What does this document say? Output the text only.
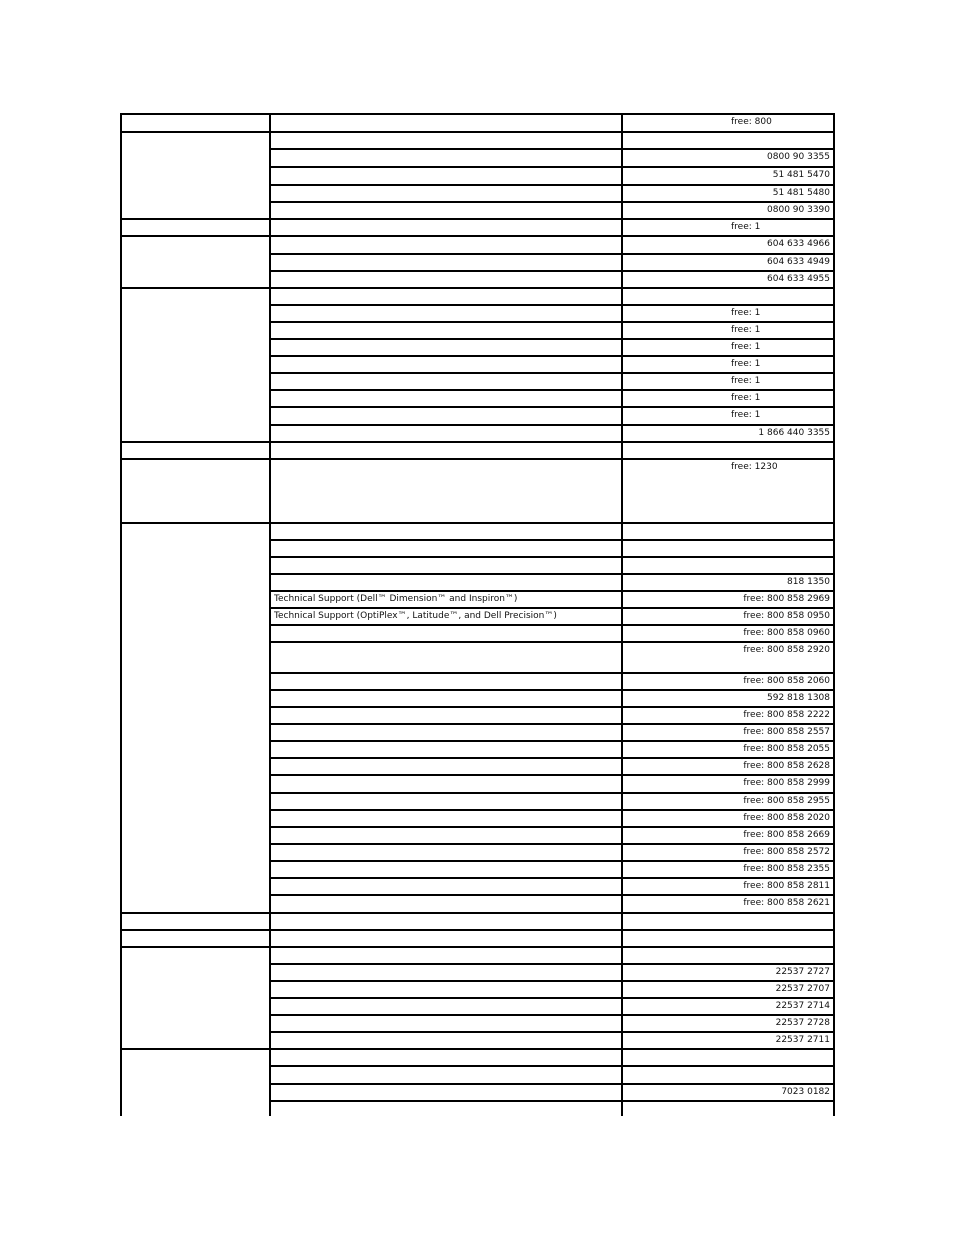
free: 800
0800 90 3355
51 481 5470
51 481 5480
0800 90 3390
free: 1
604 633 4966
604 633 4949
604 633 4955
free: 1
free: 1
free: 1
free: 1
free: 1
free: 1
free: 1
1 866 440 3355
free: 1230
818 1350
Technical Support (Dell™ Dimension™ and Inspiron™)	free: 800 858 2969
Technical Support (OptiPlex™, Latitude™, and Dell Precision™)	free: 800 858 0950
free: 800 858 0960
free: 800 858 2920
free: 800 858 2060
592 818 1308
free: 800 858 2222
free: 800 858 2557
free: 800 858 2055
free: 800 858 2628
free: 800 858 2999
free: 800 858 2955
free: 800 858 2020
free: 800 858 2669
free: 800 858 2572
free: 800 858 2355
free: 800 858 2811
free: 800 858 2621
22537 2727
22537 2707
22537 2714
22537 2728
22537 2711
7023 0182
